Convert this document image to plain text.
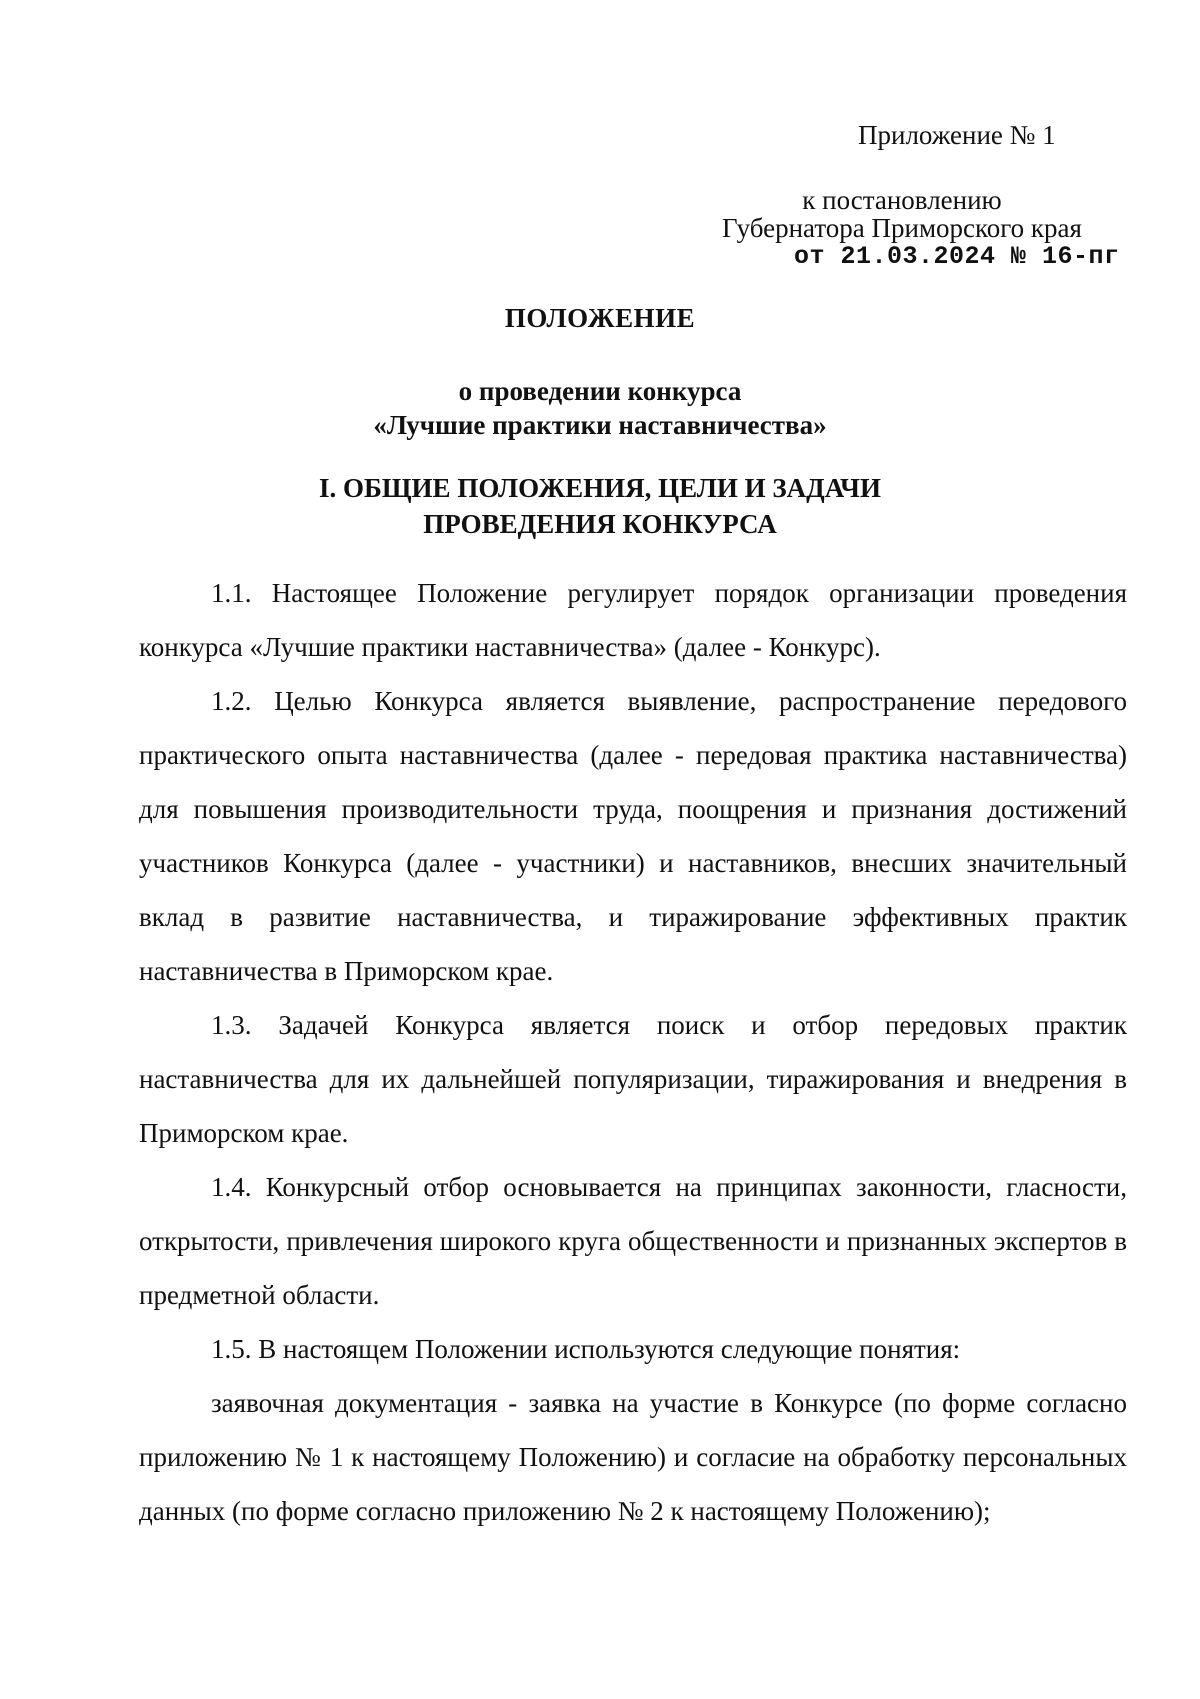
Приложение № 1
к постановлению
Губернатора Приморского края
от 21.03.2024 № 16-пг
ПОЛОЖЕНИЕ
о проведении конкурса
«Лучшие практики наставничества»
I. ОБЩИЕ ПОЛОЖЕНИЯ, ЦЕЛИ И ЗАДАЧИ
ПРОВЕДЕНИЯ КОНКУРСА

1.1. Настоящее Положение регулирует порядок организации проведения конкурса «Лучшие практики наставничества» (далее - Конкурс).

1.2. Целью Конкурса является выявление, распространение передового практического опыта наставничества (далее - передовая практика наставничества) для повышения производительности труда, поощрения и признания достижений участников Конкурса (далее - участники) и наставников, внесших значительный вклад в развитие наставничества, и тиражирование эффективных практик наставничества в Приморском крае.

1.3. Задачей Конкурса является поиск и отбор передовых практик наставничества для их дальнейшей популяризации, тиражирования и внедрения в Приморском крае.

1.4. Конкурсный отбор основывается на принципах законности, гласности, открытости, привлечения широкого круга общественности и признанных экспертов в предметной области.

1.5. В настоящем Положении используются следующие понятия:

заявочная документация - заявка на участие в Конкурсе (по форме согласно приложению № 1 к настоящему Положению) и согласие на обработку персональных данных (по форме согласно приложению № 2 к настоящему Положению);
